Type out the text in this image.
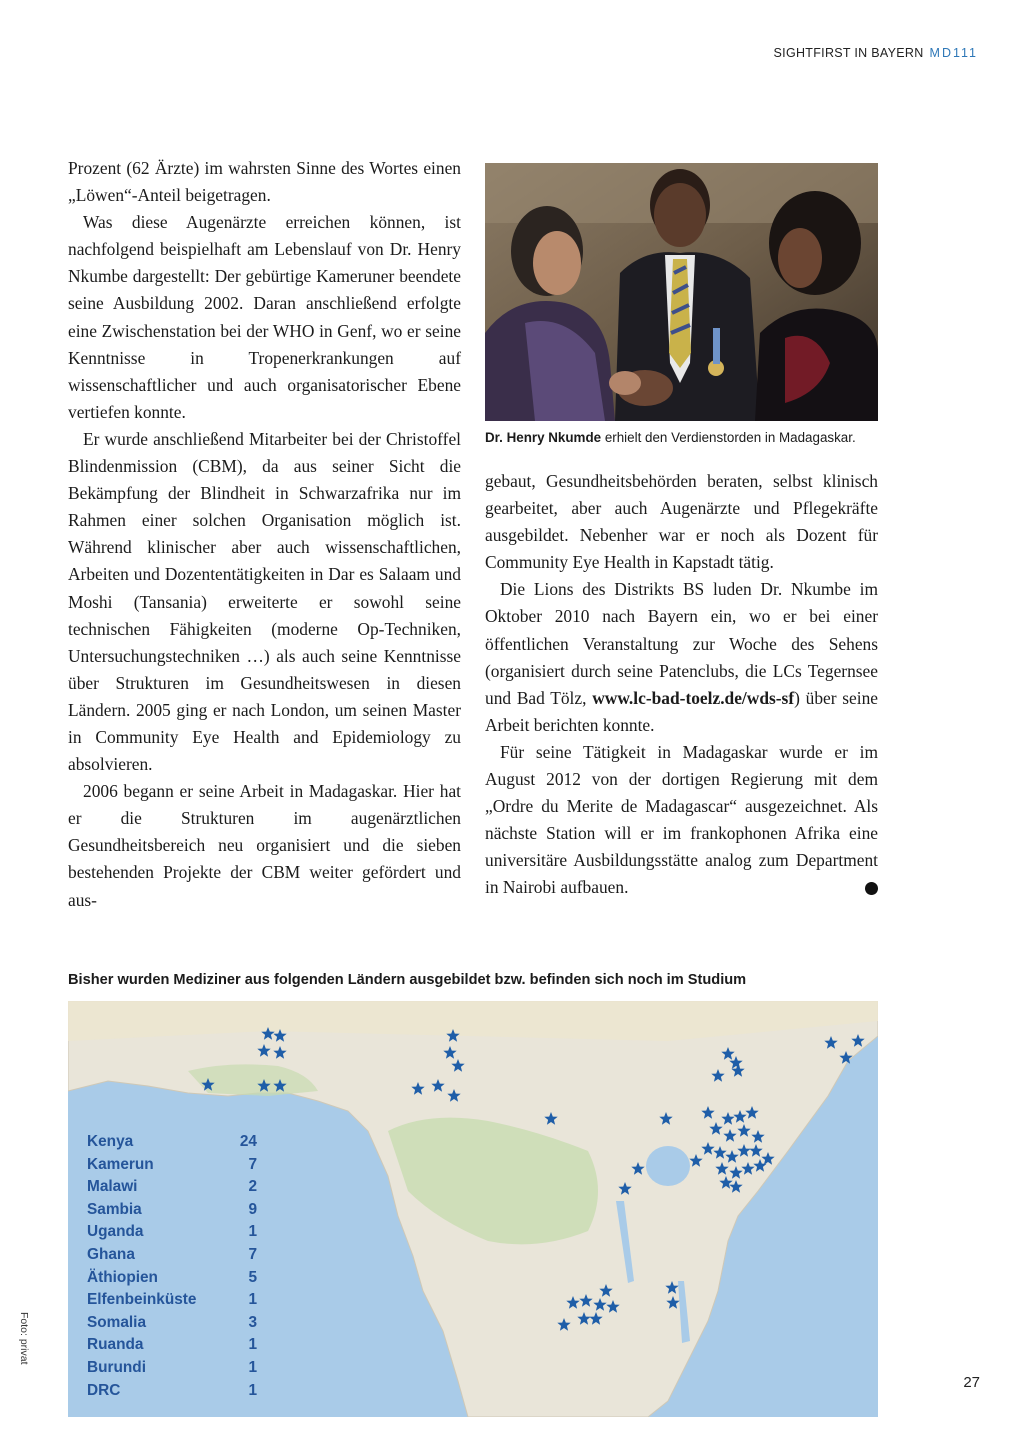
SIGHTFIRST IN BAYERN MD111

Prozent (62 Ärzte) im wahrsten Sinne des Wortes einen „Löwen“-Anteil beigetragen.

Was diese Augenärzte erreichen können, ist nachfolgend beispielhaft am Lebenslauf von Dr. Henry Nkumbe dargestellt: Der gebürtige Kameruner beendete seine Ausbildung 2002. Daran anschließend erfolgte eine Zwischenstation bei der WHO in Genf, wo er seine Kenntnisse in Tropenerkrankungen auf wissenschaftlicher und auch organisatorischer Ebene vertiefen konnte.

Er wurde anschließend Mitarbeiter bei der Christoffel Blindenmission (CBM), da aus seiner Sicht die Bekämpfung der Blindheit in Schwarzafrika nur im Rahmen einer solchen Organisation möglich ist. Während klinischer aber auch wissenschaftlichen, Arbeiten und Dozententätigkeiten in Dar es Salaam und Moshi (Tansania) erweiterte er sowohl seine technischen Fähigkeiten (moderne Op-Techniken, Untersuchungstechniken …) als auch seine Kenntnisse über Strukturen im Gesundheitswesen in diesen Ländern. 2005 ging er nach London, um seinen Master in Community Eye Health and Epidemiology zu absolvieren.

2006 begann er seine Arbeit in Madagaskar. Hier hat er die Strukturen im augenärztlichen Gesundheitsbereich neu organisiert und die sieben bestehenden Projekte der CBM weiter gefördert und aus-

Dr. Henry Nkumde erhielt den Verdienstorden in Madagaskar.

gebaut, Gesundheitsbehörden beraten, selbst klinisch gearbeitet, aber auch Augenärzte und Pflegekräfte ausgebildet. Nebenher war er noch als Dozent für Community Eye Health in Kapstadt tätig.

Die Lions des Distrikts BS luden Dr. Nkumbe im Oktober 2010 nach Bayern ein, wo er bei einer öffentlichen Veranstaltung zur Woche des Sehens (organisiert durch seine Patenclubs, die LCs Tegernsee und Bad Tölz, www.lc-bad-toelz.de/wds-sf) über seine Arbeit berichten konnte.

Für seine Tätigkeit in Madagaskar wurde er im August 2012 von der dortigen Regierung mit dem „Ordre du Merite de Madagascar“ ausgezeichnet. Als nächste Station will er im frankophonen Afrika eine universitäre Ausbildungsstätte analog zum Department in Nairobi aufbauen.	L

Bisher wurden Mediziner aus folgenden Ländern ausgebildet bzw. befinden sich noch im Studium
Kenya	24
Kamerun	7
Malawi	2
Sambia	9
Uganda	1
Ghana	7
Äthiopien	5
Elfenbeinküste	1
Somalia	3
Ruanda	1
Burundi	1
DRC	1
Foto: privat
27
